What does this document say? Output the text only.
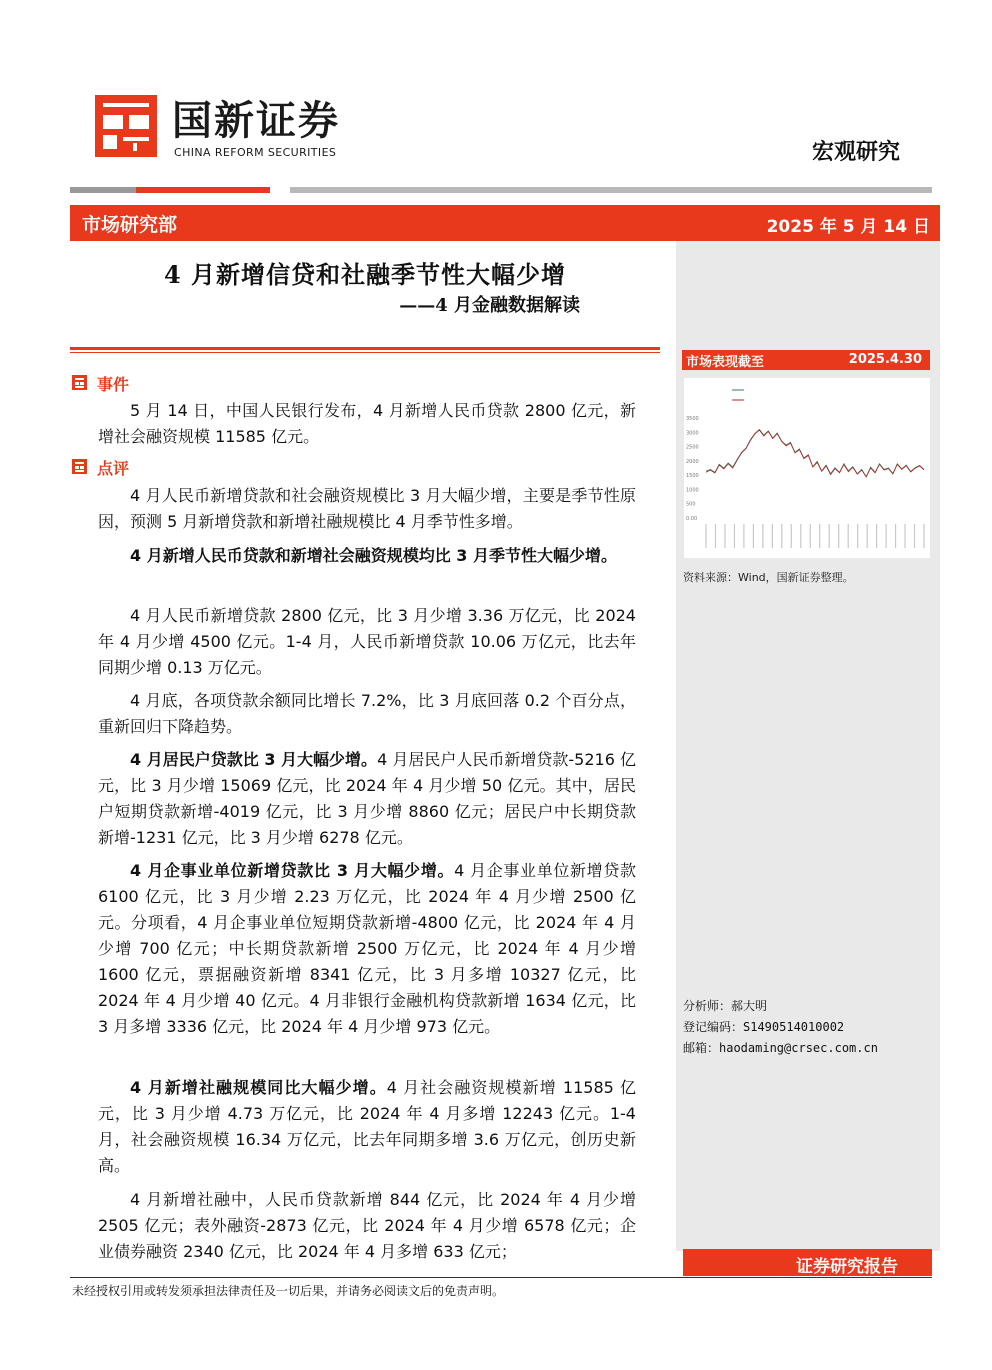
国新证券
CHINA REFORM SECURITIES	宏观研究
市场研究部	2025 年 5 月 14 日
4 月新增信贷和社融季节性大幅少增
——4 月金融数据解读
事件

5 月 14 日，中国人民银行发布，4 月新增人民币贷款 2800 亿元，新增社会融资规模 11585 亿元。

点评

4 月人民币新增贷款和社会融资规模比 3 月大幅少增，主要是季节性原因，预测 5 月新增贷款和新增社融规模比 4 月季节性多增。

4 月新增人民币贷款和新增社会融资规模均比 3 月季节性大幅少增。

4 月人民币新增贷款 2800 亿元，比 3 月少增 3.36 万亿元，比 2024 年 4 月少增 4500 亿元。1-4 月，人民币新增贷款 10.06 万亿元，比去年同期少增 0.13 万亿元。

4 月底，各项贷款余额同比增长 7.2%，比 3 月底回落 0.2 个百分点，重新回归下降趋势。

4 月居民户贷款比 3 月大幅少增。4 月居民户人民币新增贷款-5216 亿元，比 3 月少增 15069 亿元，比 2024 年 4 月少增 50 亿元。其中，居民户短期贷款新增-4019 亿元，比 3 月少增 8860 亿元；居民户中长期贷款新增-1231 亿元，比 3 月少增 6278 亿元。

4 月企事业单位新增贷款比 3 月大幅少增。4 月企事业单位新增贷款 6100 亿元，比 3 月少增 2.23 万亿元，比 2024 年 4 月少增 2500 亿元。分项看，4 月企事业单位短期贷款新增-4800 亿元，比 2024 年 4 月少增 700 亿元；中长期贷款新增 2500 万亿元，比 2024 年 4 月少增 1600 亿元，票据融资新增 8341 亿元，比 3 月多增 10327 亿元，比 2024 年 4 月少增 40 亿元。4 月非银行金融机构贷款新增 1634 亿元，比 3 月多增 3336 亿元，比 2024 年 4 月少增 973 亿元。

4 月新增社融规模同比大幅少增。4 月社会融资规模新增 11585 亿元，比 3 月少增 4.73 万亿元，比 2024 年 4 月多增 12243 亿元。1-4 月，社会融资规模 16.34 万亿元，比去年同期多增 3.6 万亿元，创历史新高。

4 月新增社融中，人民币贷款新增 844 亿元，比 2024 年 4 月少增 2505 亿元；表外融资-2873 亿元，比 2024 年 4 月少增 6578 亿元；企业债券融资 2340 亿元，比 2024 年 4 月多增 633 亿元；

市场表现截至	2025.4.30
3500
3000
2500
2000
1500
1000
500
0.00
资料来源：Wind，国新证券整理。
分析师：郝大明
登记编码：S1490514010002
邮箱：haodaming@crsec.com.cn
证券研究报告
未经授权引用或转发须承担法律责任及一切后果，并请务必阅读文后的免责声明。
